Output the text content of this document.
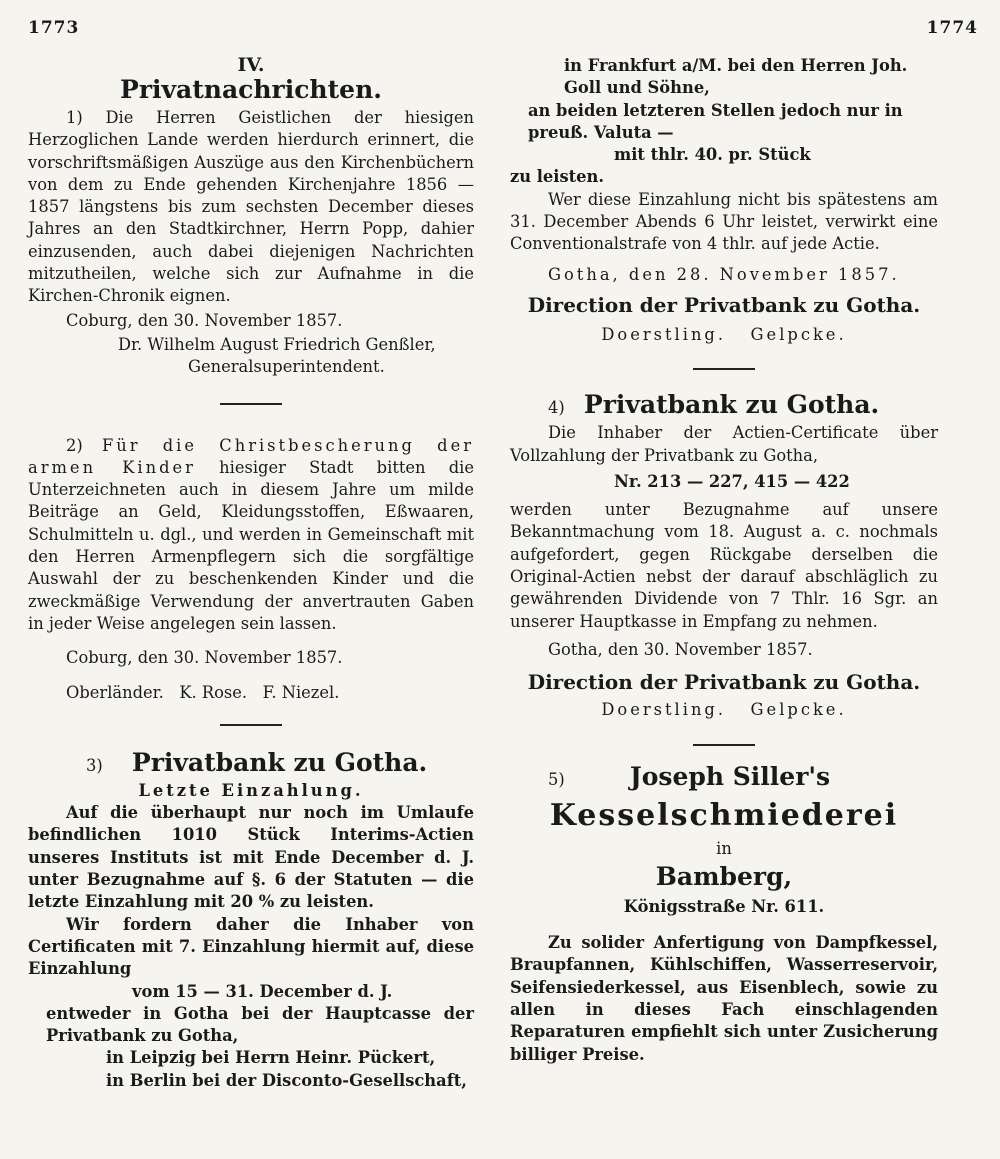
1773	1774

IV.

Privatnachrichten.

1) Die Herren Geistlichen der hiesigen Herzoglichen Lande werden hierdurch erinnert, die vorschriftsmäßigen Auszüge aus den Kirchenbüchern von dem zu Ende gehenden Kirchenjahre 1856 — 1857 längstens bis zum sechsten December dieses Jahres an den Stadtkirchner, Herrn Popp, dahier einzusenden, auch dabei diejenigen Nachrichten mitzutheilen, welche sich zur Aufnahme in die Kirchen-Chronik eignen.

Coburg, den 30. November 1857.

Dr. Wilhelm August Friedrich Genßler,

Generalsuperintendent.

2) Für die Christbescherung der armen Kinder hiesiger Stadt bitten die Unterzeichneten auch in diesem Jahre um milde Beiträge an Geld, Kleidungsstoffen, Eßwaaren, Schulmitteln u. dgl., und werden in Gemeinschaft mit den Herren Armenpflegern sich die sorgfältige Auswahl der zu beschenkenden Kinder und die zweckmäßige Verwendung der anvertrauten Gaben in jeder Weise angelegen sein lassen.

Coburg, den 30. November 1857.

Oberländer.   K. Rose.   F. Niezel.

3) Privatbank zu Gotha.

Letzte Einzahlung.

Auf die überhaupt nur noch im Umlaufe befindlichen 1010 Stück Interims-Actien unseres Instituts ist mit Ende December d. J. unter Bezugnahme auf §. 6 der Statuten — die letzte Einzahlung mit 20 % zu leisten.

Wir fordern daher die Inhaber von Certificaten mit 7. Einzahlung hiermit auf, diese Einzahlung

vom 15 — 31. December d. J.

entweder in Gotha bei der Hauptcasse der Privatbank zu Gotha,

in Leipzig bei Herrn Heinr. Pückert,

in Berlin bei der Disconto-Gesellschaft,

in Frankfurt a/M. bei den Herren Joh. Goll und Söhne,

an beiden letzteren Stellen jedoch nur in preuß. Valuta —

mit thlr. 40. pr. Stück

zu leisten.

Wer diese Einzahlung nicht bis spätestens am 31. December Abends 6 Uhr leistet, verwirkt eine Conventionalstrafe von 4 thlr. auf jede Actie.

Gotha, den 28. November 1857.

Direction der Privatbank zu Gotha.

Doerstling.   Gelpcke.

4) Privatbank zu Gotha.

Die Inhaber der Actien-Certificate über Vollzahlung der Privatbank zu Gotha,

Nr. 213 — 227, 415 — 422

werden unter Bezugnahme auf unsere Bekanntmachung vom 18. August a. c. nochmals aufgefordert, gegen Rückgabe derselben die Original-Actien nebst der darauf abschläglich zu gewährenden Dividende von 7 Thlr. 16 Sgr. an unserer Hauptkasse in Empfang zu nehmen.

Gotha, den 30. November 1857.

Direction der Privatbank zu Gotha.

Doerstling.   Gelpcke.

5)	Joseph Siller's

Kesselschmiederei

in

Bamberg,

Königsstraße Nr. 611.

Zu solider Anfertigung von Dampfkessel, Braupfannen, Kühlschiffen, Wasserreservoir, Seifensiederkessel, aus Eisenblech, sowie zu allen in dieses Fach einschlagenden Reparaturen empfiehlt sich unter Zusicherung billiger Preise.
